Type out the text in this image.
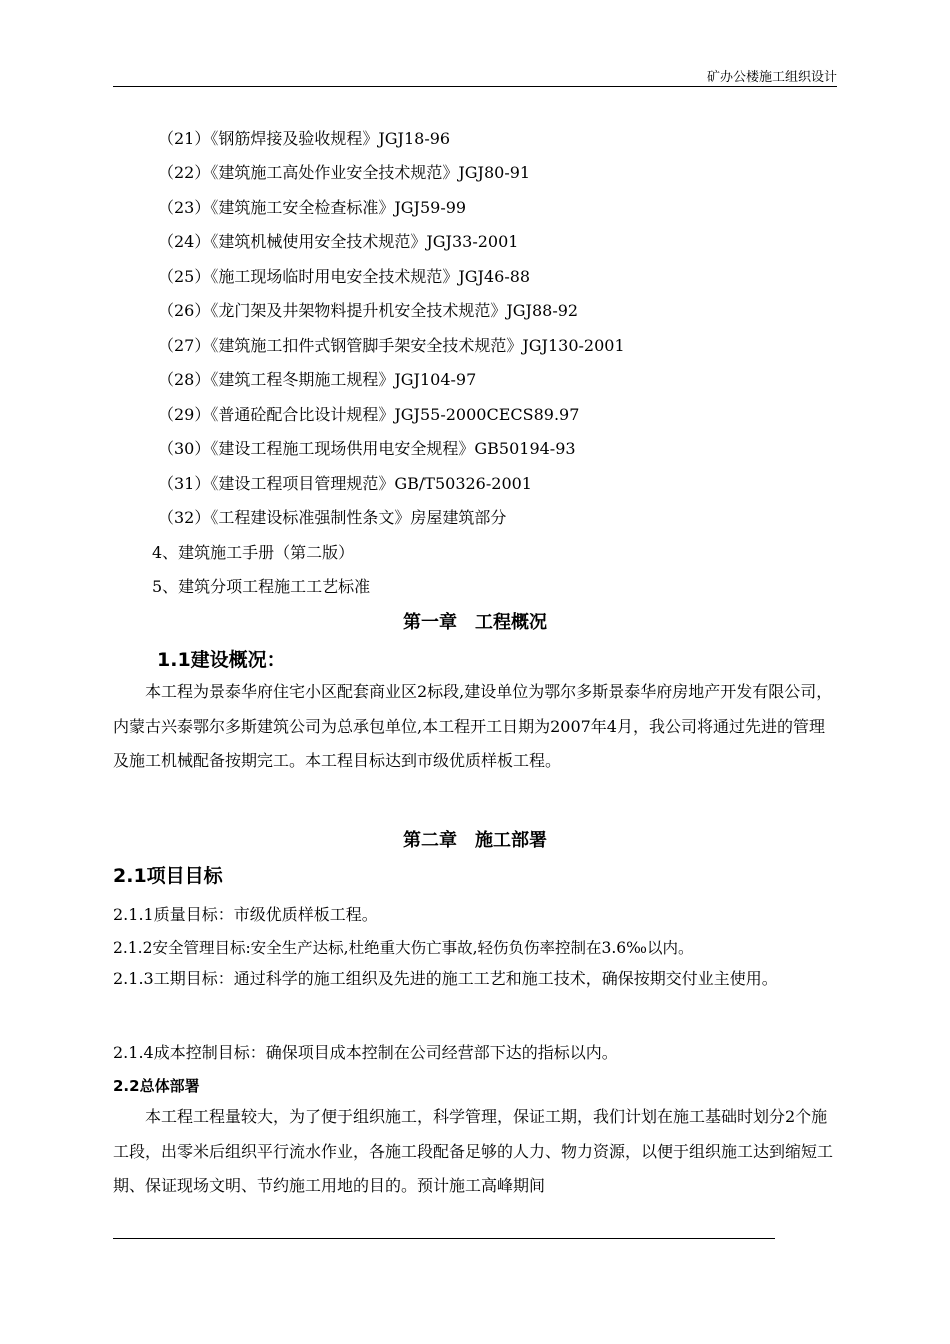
矿办公楼施工组织设计
（21）《钢筋焊接及验收规程》JGJ18-96
（22）《建筑施工高处作业安全技术规范》JGJ80-91
（23）《建筑施工安全检查标准》JGJ59-99
（24）《建筑机械使用安全技术规范》JGJ33-2001
（25）《施工现场临时用电安全技术规范》JGJ46-88
（26）《龙门架及井架物料提升机安全技术规范》JGJ88-92
（27）《建筑施工扣件式钢管脚手架安全技术规范》JGJ130-2001
（28）《建筑工程冬期施工规程》JGJ104-97
（29）《普通砼配合比设计规程》JGJ55-2000CECS89.97
（30）《建设工程施工现场供用电安全规程》GB50194-93
（31）《建设工程项目管理规范》GB/T50326-2001
（32）《工程建设标准强制性条文》房屋建筑部分
4、建筑施工手册（第二版）
5、建筑分项工程施工工艺标准
第一章　工程概况
1.1建设概况：
本工程为景泰华府住宅小区配套商业区2标段,建设单位为鄂尔多斯景泰华府房地产开发有限公司，内蒙古兴泰鄂尔多斯建筑公司为总承包单位,本工程开工日期为2007年4月，我公司将通过先进的管理及施工机械配备按期完工。本工程目标达到市级优质样板工程。
第二章　施工部署
2.1项目目标
2.1.1质量目标：市级优质样板工程。
2.1.2安全管理目标:安全生产达标,杜绝重大伤亡事故,轻伤负伤率控制在3.6‰以内。
2.1.3工期目标：通过科学的施工组织及先进的施工工艺和施工技术，确保按期交付业主使用。
2.1.4成本控制目标：确保项目成本控制在公司经营部下达的指标以内。
2.2总体部署
本工程工程量较大，为了便于组织施工，科学管理，保证工期，我们计划在施工基础时划分2个施工段，出零米后组织平行流水作业，各施工段配备足够的人力、物力资源，以便于组织施工达到缩短工期、保证现场文明、节约施工用地的目的。预计施工高峰期间
